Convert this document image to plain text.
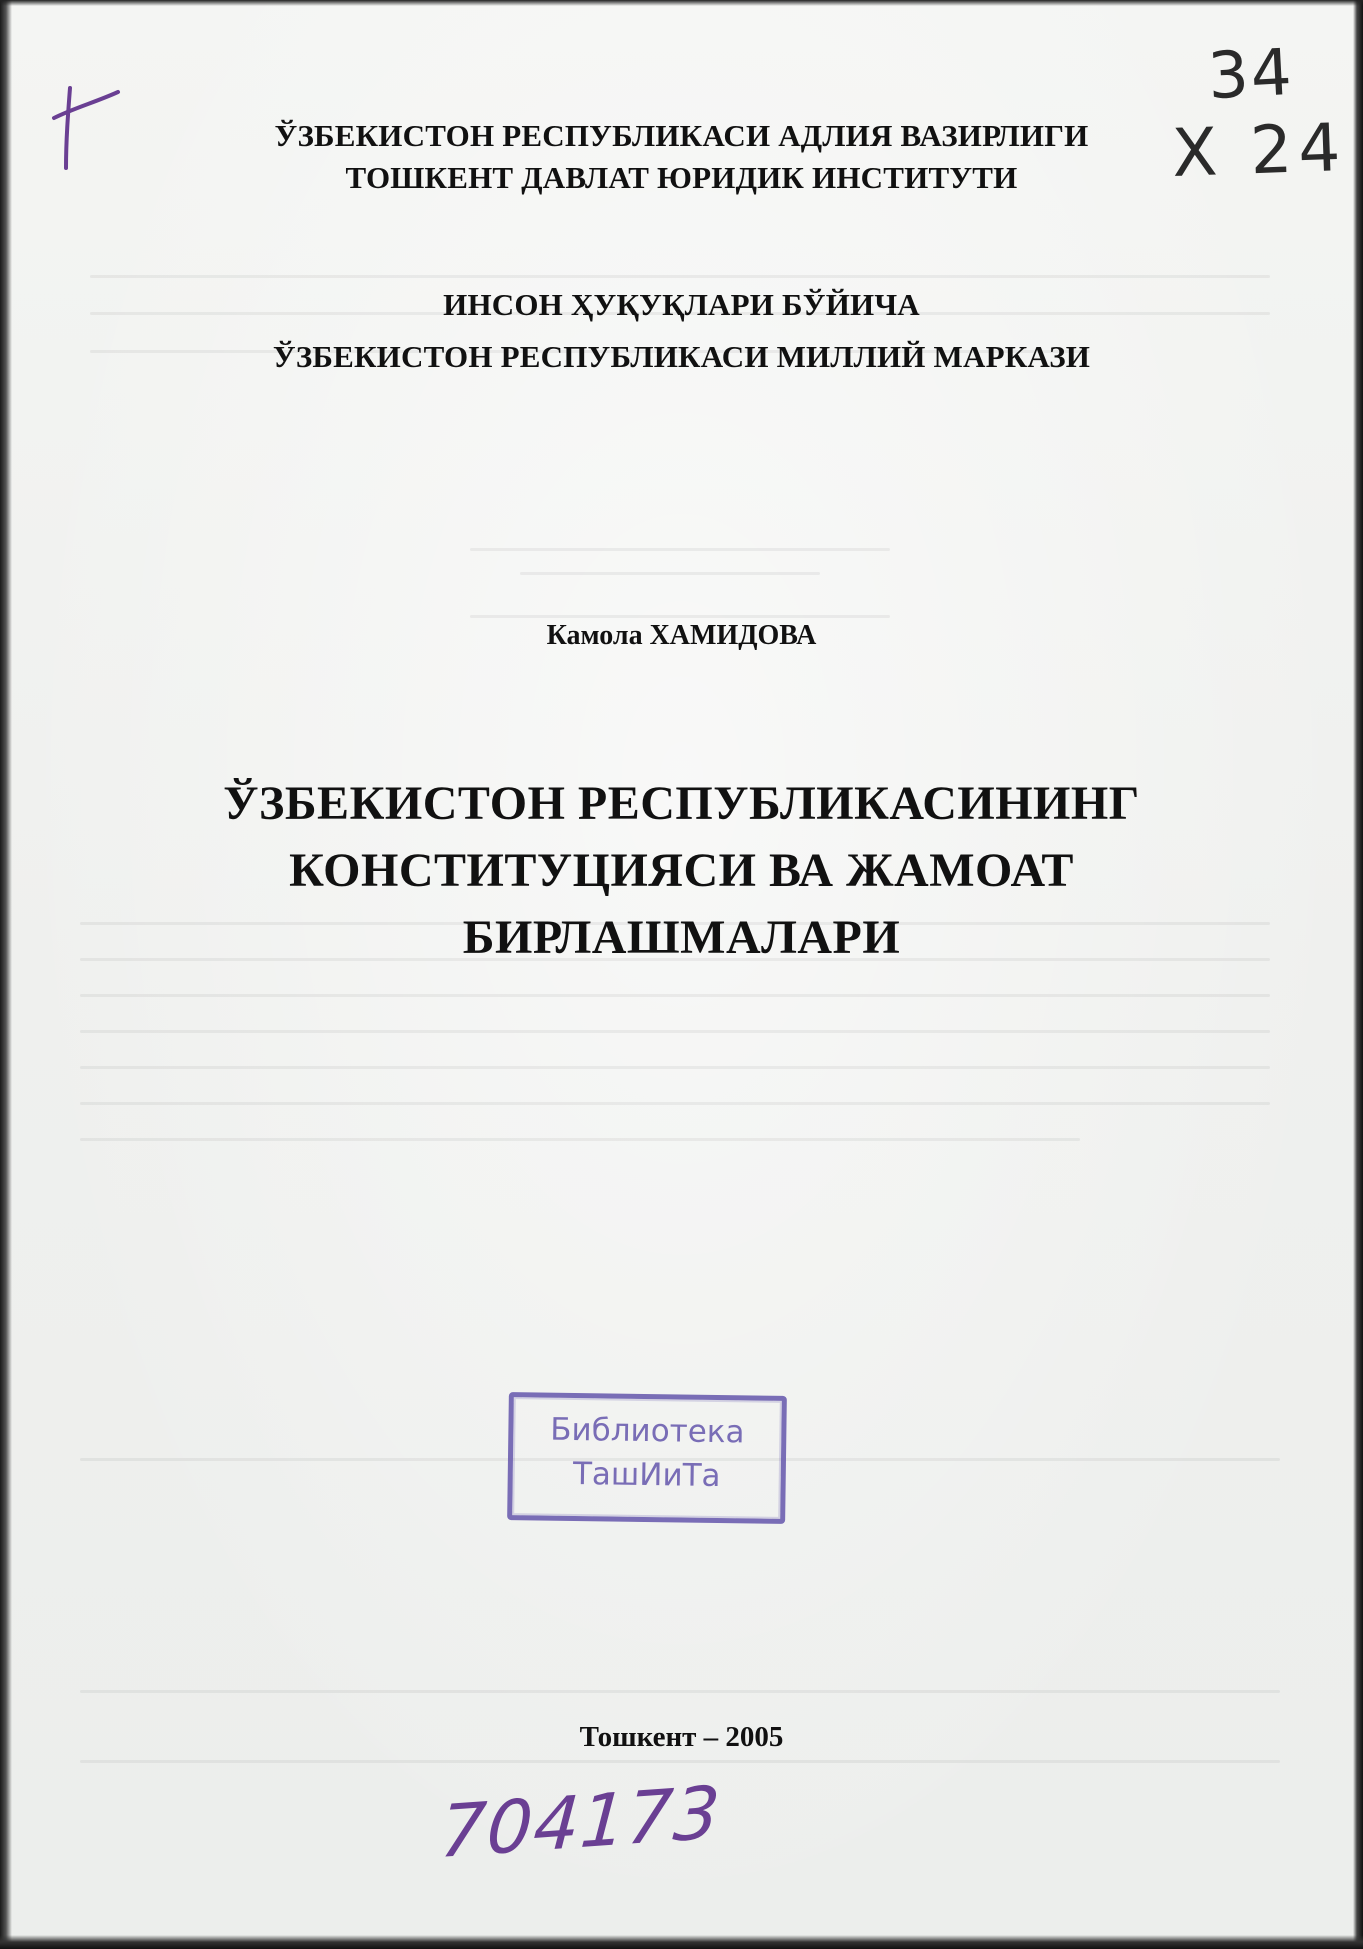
34
Х 24
ЎЗБЕКИСТОН РЕСПУБЛИКАСИ АДЛИЯ ВАЗИРЛИГИ
ТОШКЕНТ ДАВЛАТ ЮРИДИК ИНСТИТУТИ
ИНСОН ҲУҚУҚЛАРИ БЎЙИЧА
ЎЗБЕКИСТОН РЕСПУБЛИКАСИ МИЛЛИЙ МАРКАЗИ
Камола ХАМИДОВА
ЎЗБЕКИСТОН РЕСПУБЛИКАСИНИНГ
КОНСТИТУЦИЯСИ ВА ЖАМОАТ
БИРЛАШМАЛАРИ
Библиотека
ТашИиТа
Тошкент – 2005
704173
